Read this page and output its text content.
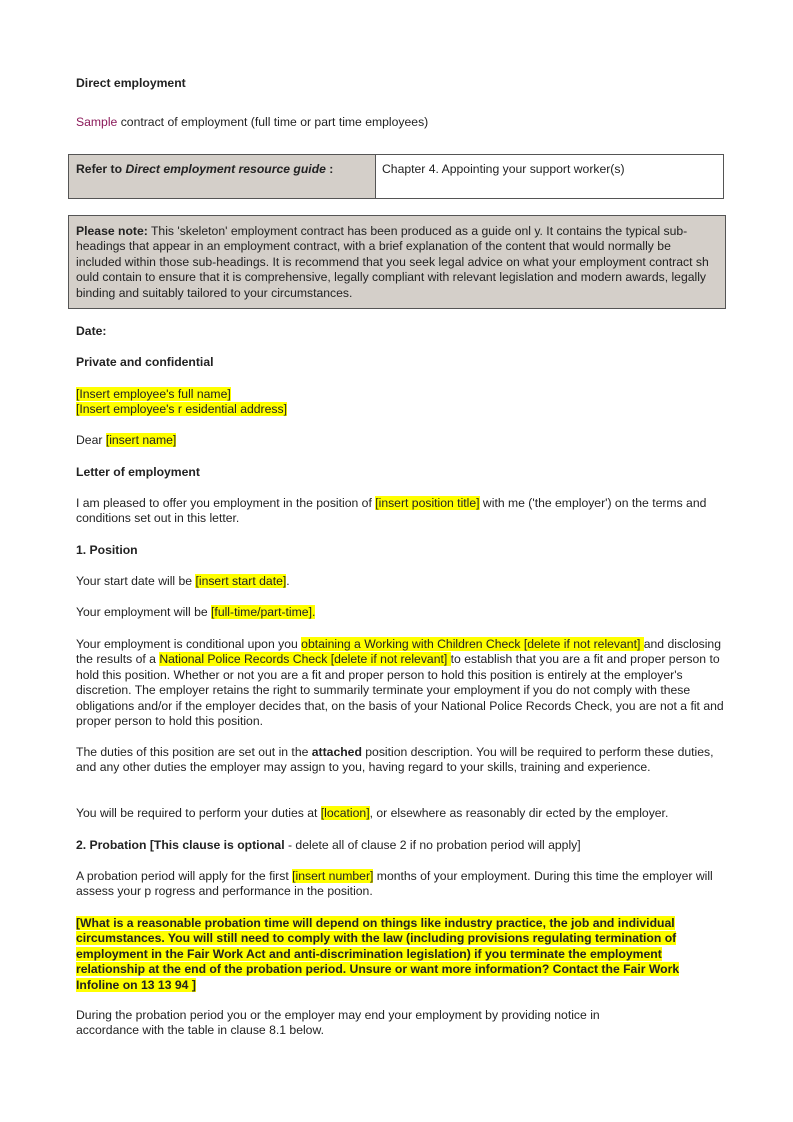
Direct employment

Sample contract of employment (full time or part time employees)

Refer to Direct employment resource guide :	Chapter 4. Appointing your support worker(s)
Please note: This 'skeleton' employment contract has been produced as a guide onl y. It contains the typical sub-headings that appear in an employment contract, with a brief explanation of the content that would normally be included within those sub-headings. It is recommend that you seek legal advice on what your employment contract sh ould contain to ensure that it is comprehensive, legally compliant with relevant legislation and modern awards, legally binding and suitably tailored to your circumstances.

Date:

Private and confidential

[Insert employee's full name]
[Insert employee's r esidential address]

Dear [insert name]

Letter of employment

I am pleased to offer you employment in the position of [insert position title] with me ('the employer') on the terms and conditions set out in this letter.

1. Position

Your start date will be [insert start date].

Your employment will be [full-time/part-time].

Your employment is conditional upon you obtaining a Working with Children Check [delete if not relevant] and disclosing the results of a National Police Records Check [delete if not relevant] to establish that you are a fit and proper person to hold this position. Whether or not you are a fit and proper person to hold this position is entirely at the employer's discretion. The employer retains the right to summarily terminate your employment if you do not comply with these obligations and/or if the employer decides that, on the basis of your National Police Records Check, you are not a fit and proper person to hold this position.

The duties of this position are set out in the attached position description. You will be required to perform these duties, and any other duties the employer may assign to you, having regard to your skills, training and experience.

You will be required to perform your duties at [location], or elsewhere as reasonably dir ected by the employer.

2. Probation [This clause is optional - delete all of clause 2 if no probation period will apply]

A probation period will apply for the first [insert number] months of your employment. During this time the employer will assess your p rogress and performance in the position.

[What is a reasonable probation time will depend on things like industry practice, the job and individual circumstances. You will still need to comply with the law (including provisions regulating termination of employment in the Fair Work Act and anti-discrimination legislation) if you terminate the employment relationship at the end of the probation period. Unsure or want more information? Contact the Fair Work Infoline on 13 13 94 ]

During the probation period you or the employer may end your employment by providing notice in accordance with the table in clause 8.1 below.
